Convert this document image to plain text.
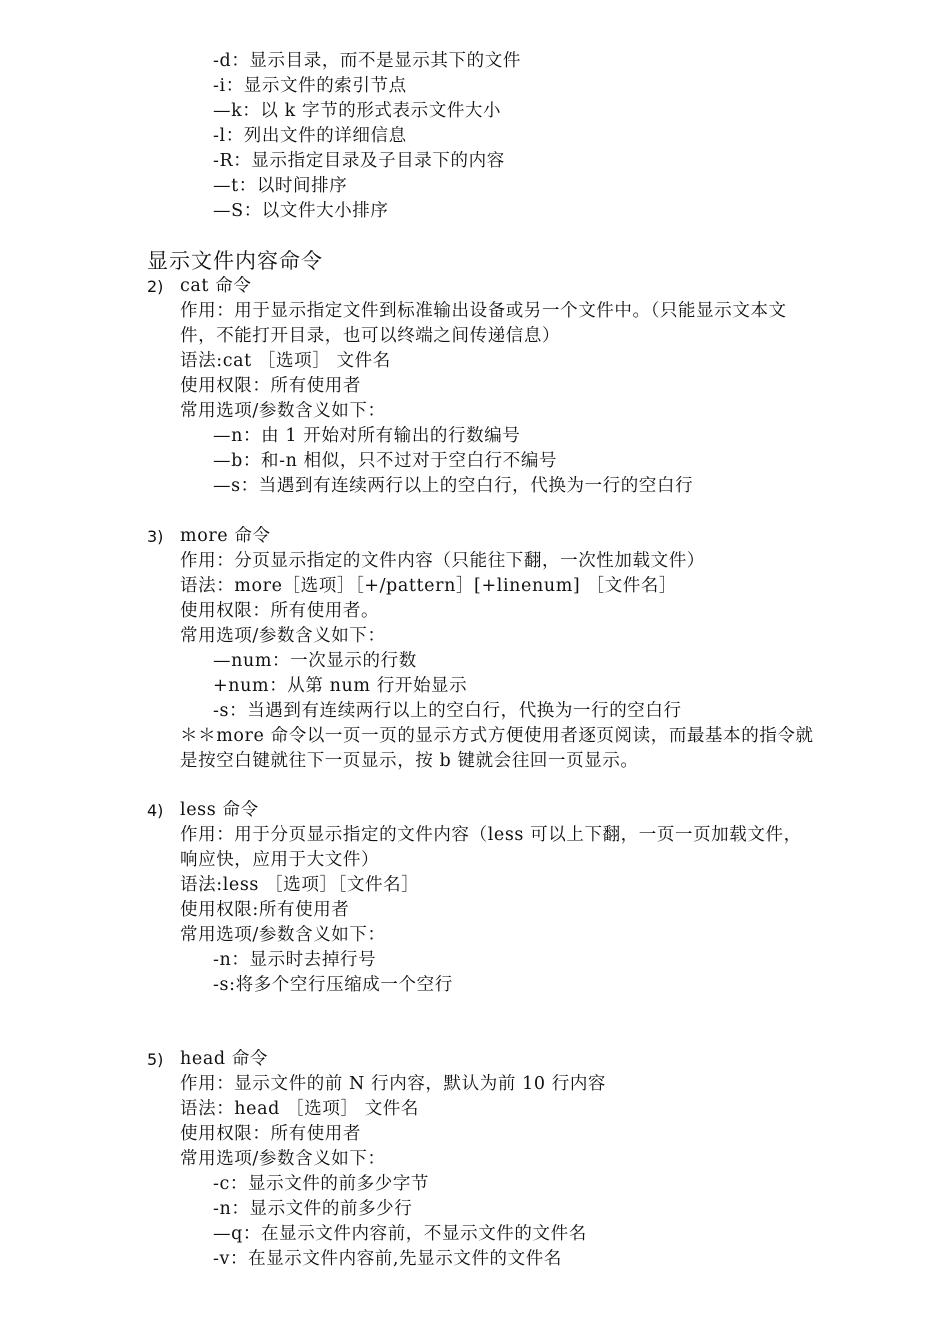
-d：显示目录，而不是显示其下的文件
-i：显示文件的索引节点
—k：以 k 字节的形式表示文件大小
-l：列出文件的详细信息
-R：显示指定目录及子目录下的内容
—t：以时间排序
—S：以文件大小排序
显示文件内容命令
2) cat 命令
作用：用于显示指定文件到标准输出设备或另一个文件中。（只能显示文本文
件，不能打开目录，也可以终端之间传递信息）
语法:cat ［选项］ 文件名
使用权限：所有使用者
常用选项/参数含义如下：
—n：由 1 开始对所有输出的行数编号
—b：和-n 相似，只不过对于空白行不编号
—s：当遇到有连续两行以上的空白行，代换为一行的空白行
3) more 命令
作用：分页显示指定的文件内容（只能往下翻，一次性加载文件）
语法：more［选项］［+/pattern］[+linenum] ［文件名］
使用权限：所有使用者。
常用选项/参数含义如下：
—num：一次显示的行数
+num：从第 num 行开始显示
-s：当遇到有连续两行以上的空白行，代换为一行的空白行
＊＊more 命令以一页一页的显示方式方便使用者逐页阅读，而最基本的指令就
是按空白键就往下一页显示，按 b 键就会往回一页显示。
4) less 命令
作用：用于分页显示指定的文件内容（less 可以上下翻，一页一页加载文件，
响应快，应用于大文件）
语法:less ［选项］［文件名］
使用权限:所有使用者
常用选项/参数含义如下：
-n：显示时去掉行号
-s:将多个空行压缩成一个空行
5) head 命令
作用：显示文件的前 N 行内容，默认为前 10 行内容
语法：head ［选项］ 文件名
使用权限：所有使用者
常用选项/参数含义如下：
-c：显示文件的前多少字节
-n：显示文件的前多少行
—q：在显示文件内容前，不显示文件的文件名
-v：在显示文件内容前,先显示文件的文件名
